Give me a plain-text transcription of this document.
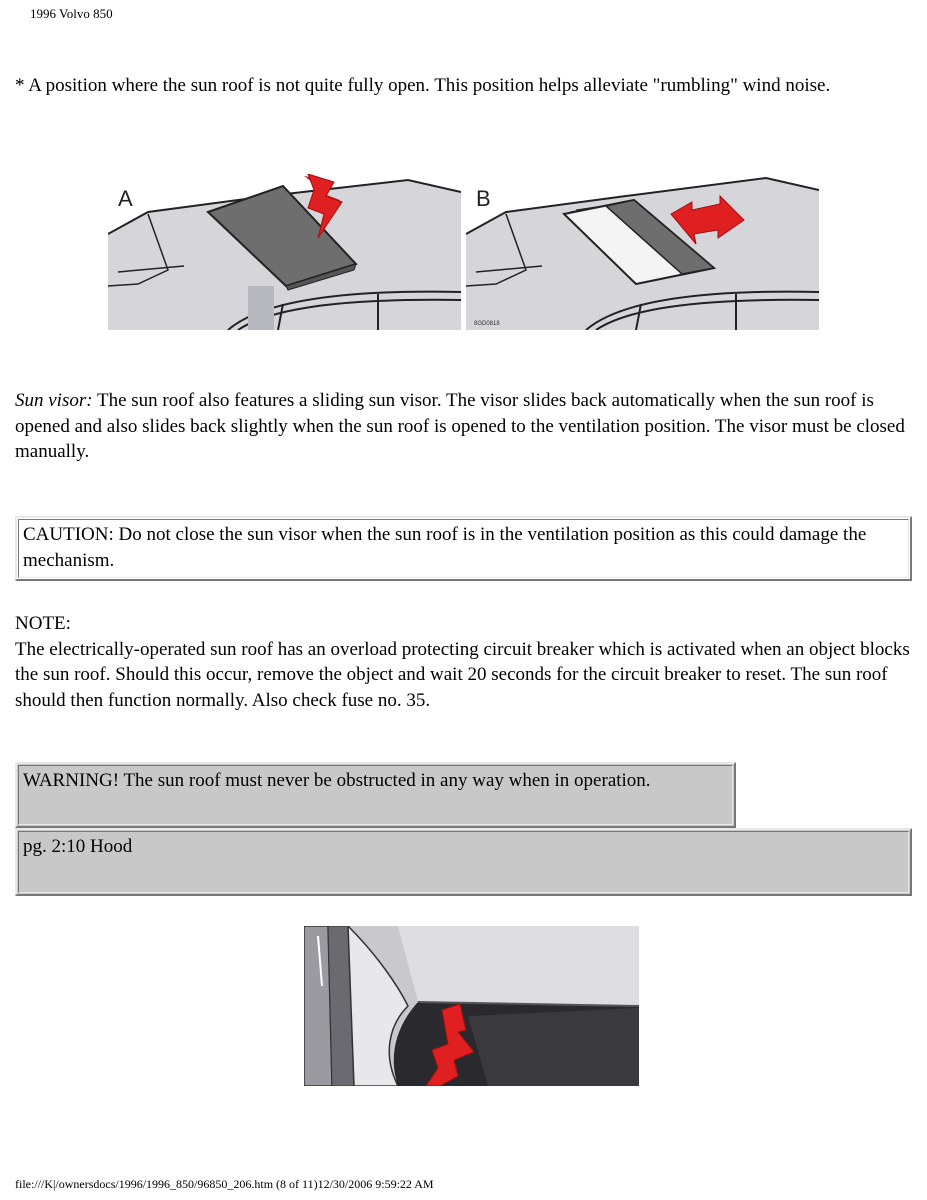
1996 Volvo 850
* A position where the sun roof is not quite fully open. This position helps alleviate "rumbling" wind noise.
A	B
8GD0818
Sun visor: The sun roof also features a sliding sun visor. The visor slides back automatically when the sun roof is opened and also slides back slightly when the sun roof is opened to the ventilation position. The visor must be closed manually.
CAUTION: Do not close the sun visor when the sun roof is in the ventilation position as this could damage the mechanism.
NOTE:
The electrically-operated sun roof has an overload protecting circuit breaker which is activated when an object blocks the sun roof. Should this occur, remove the object and wait 20 seconds for the circuit breaker to reset. The sun roof should then function normally. Also check fuse no. 35.
WARNING! The sun roof must never be obstructed in any way when in operation.
pg. 2:10 Hood
file:///K|/ownersdocs/1996/1996_850/96850_206.htm (8 of 11)12/30/2006 9:59:22 AM
